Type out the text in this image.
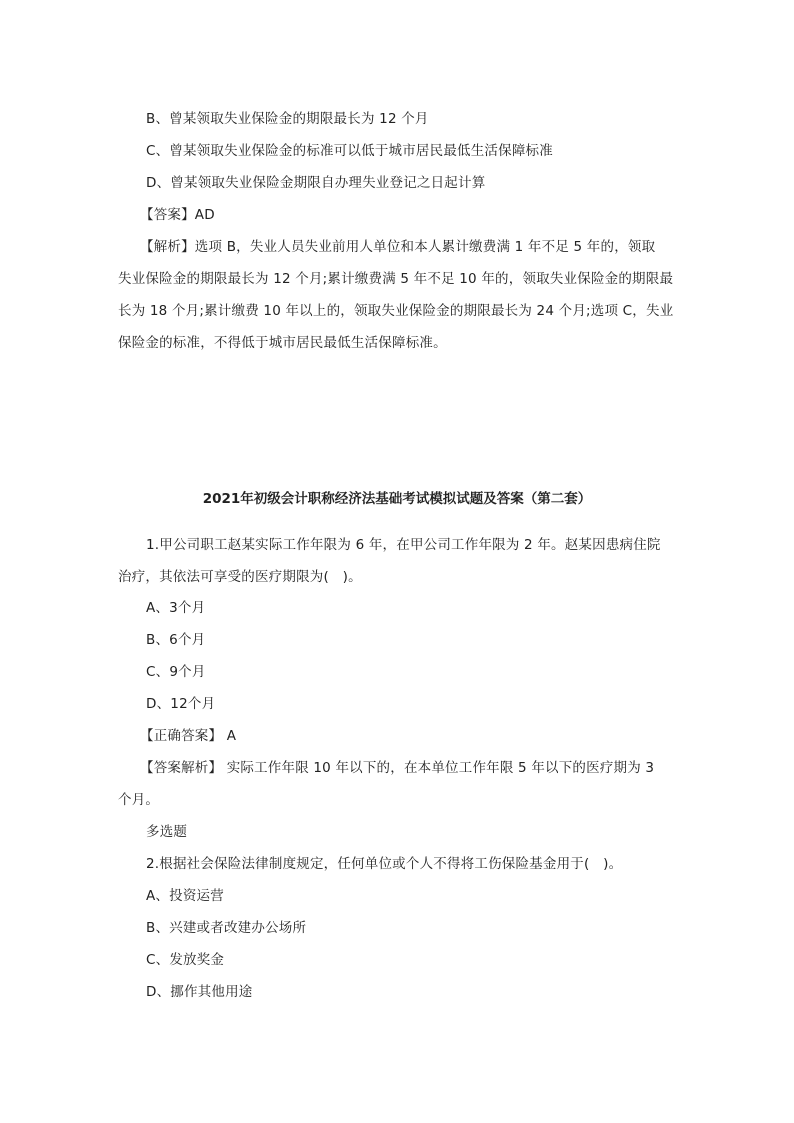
B、曾某领取失业保险金的期限最长为 12 个月
C、曾某领取失业保险金的标准可以低于城市居民最低生活保障标准
D、曾某领取失业保险金期限自办理失业登记之日起计算
【答案】AD
【解析】选项 B，失业人员失业前用人单位和本人累计缴费满 1 年不足 5 年的，领取
失业保险金的期限最长为 12 个月;累计缴费满 5 年不足 10 年的，领取失业保险金的期限最
长为 18 个月;累计缴费 10 年以上的，领取失业保险金的期限最长为 24 个月;选项 C，失业
保险金的标准，不得低于城市居民最低生活保障标准。
2021年初级会计职称经济法基础考试模拟试题及答案（第二套）
1.甲公司职工赵某实际工作年限为 6 年，在甲公司工作年限为 2 年。赵某因患病住院
治疗，其依法可享受的医疗期限为(　)。
A、3个月
B、6个月
C、9个月
D、12个月
【正确答案】 A
【答案解析】 实际工作年限 10 年以下的，在本单位工作年限 5 年以下的医疗期为 3
个月。
多选题
2.根据社会保险法律制度规定，任何单位或个人不得将工伤保险基金用于(　)。
A、投资运营
B、兴建或者改建办公场所
C、发放奖金
D、挪作其他用途
